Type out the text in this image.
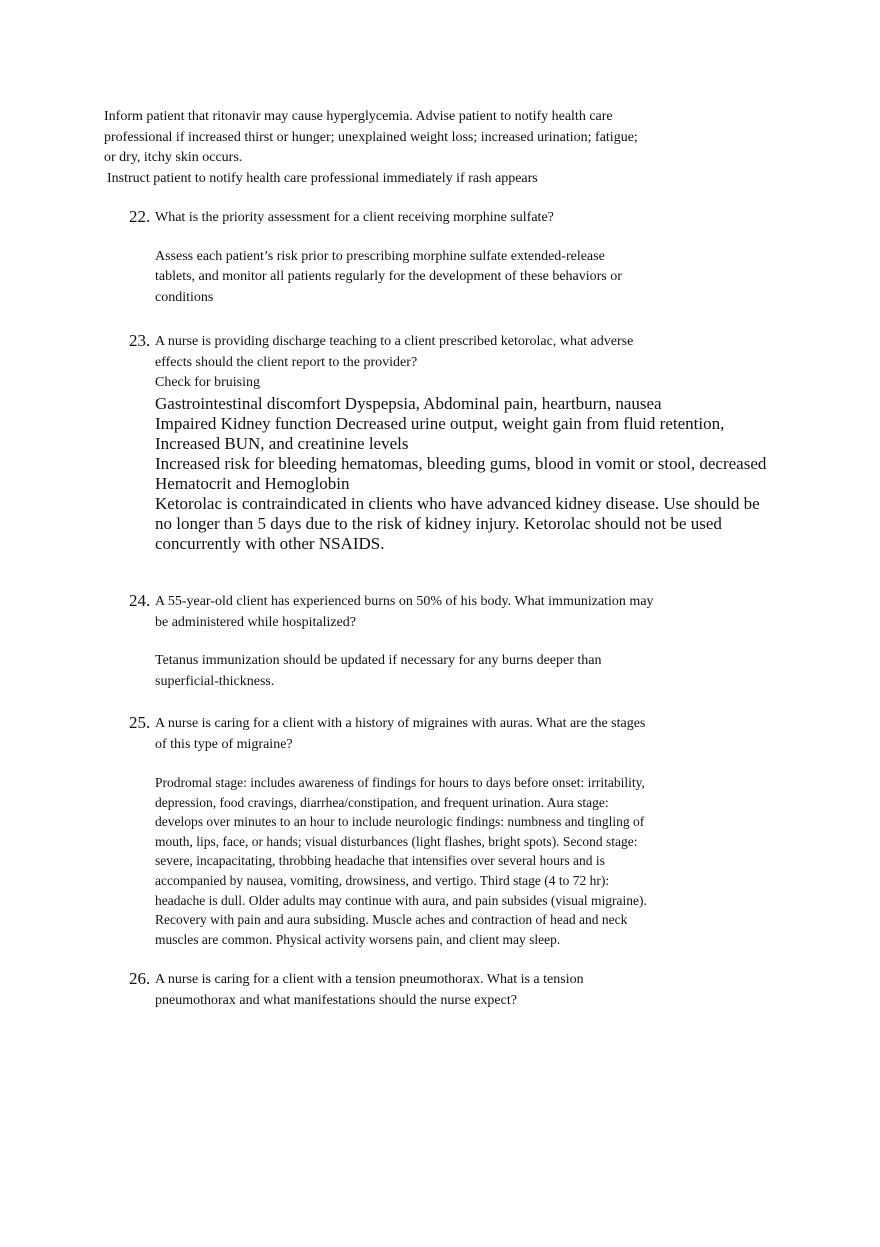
Inform patient that ritonavir may cause hyperglycemia. Advise patient to notify health care
professional if increased thirst or hunger; unexplained weight loss; increased urination; fatigue;
or dry, itchy skin occurs.
Instruct patient to notify health care professional immediately if rash appears
22. What is the priority assessment for a client receiving morphine sulfate?
Assess each patient’s risk prior to prescribing morphine sulfate extended-release
tablets, and monitor all patients regularly for the development of these behaviors or
conditions
23. A nurse is providing discharge teaching to a client prescribed ketorolac, what adverse
effects should the client report to the provider?
Check for bruising
Gastrointestinal discomfort Dyspepsia, Abdominal pain, heartburn, nausea
Impaired Kidney function Decreased urine output, weight gain from fluid retention,
Increased BUN, and creatinine levels
Increased risk for bleeding hematomas, bleeding gums, blood in vomit or stool, decreased
Hematocrit and Hemoglobin
Ketorolac is contraindicated in clients who have advanced kidney disease. Use should be
no longer than 5 days due to the risk of kidney injury. Ketorolac should not be used
concurrently with other NSAIDS.
24. A 55-year-old client has experienced burns on 50% of his body. What immunization may
be administered while hospitalized?
Tetanus immunization should be updated if necessary for any burns deeper than
superficial-thickness.
25. A nurse is caring for a client with a history of migraines with auras. What are the stages
of this type of migraine?
Prodromal stage: includes awareness of findings for hours to days before onset: irritability,
depression, food cravings, diarrhea/constipation, and frequent urination. Aura stage:
develops over minutes to an hour to include neurologic findings: numbness and tingling of
mouth, lips, face, or hands; visual disturbances (light flashes, bright spots). Second stage:
severe, incapacitating, throbbing headache that intensifies over several hours and is
accompanied by nausea, vomiting, drowsiness, and vertigo. Third stage (4 to 72 hr):
headache is dull. Older adults may continue with aura, and pain subsides (visual migraine).
Recovery with pain and aura subsiding. Muscle aches and contraction of head and neck
muscles are common. Physical activity worsens pain, and client may sleep.
26. A nurse is caring for a client with a tension pneumothorax. What is a tension
pneumothorax and what manifestations should the nurse expect?
